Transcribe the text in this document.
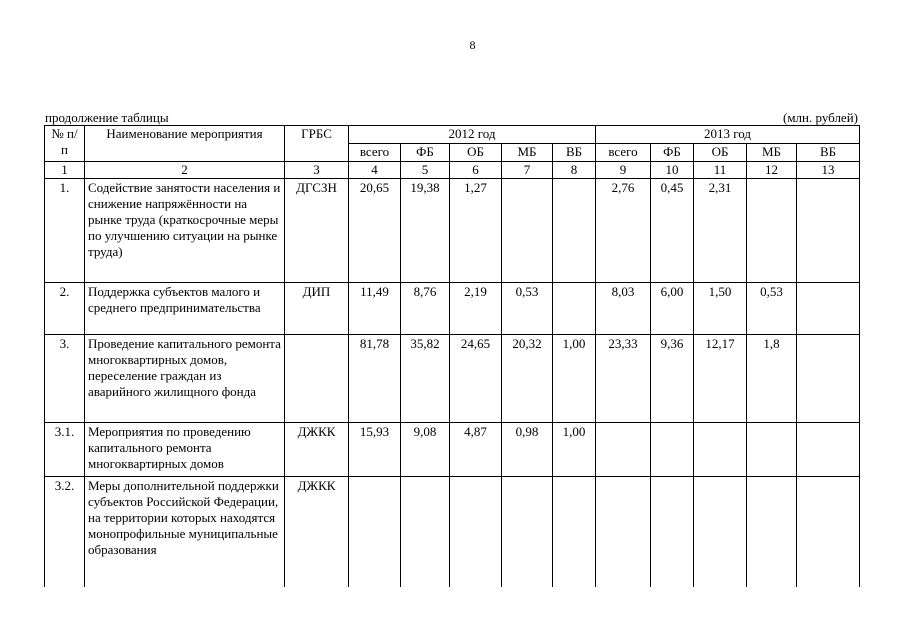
8
продолжение таблицы	(млн. рублей)
№ п/п	Наименование мероприятия	ГРБС	2012 год					2013 год				
			всего	ФБ	ОБ	МБ	ВБ	всего	ФБ	ОБ	МБ	ВБ
1	2	3	4	5	6	7	8	9	10	11	12	13
1.	Содействие занятости населения и снижение напряжённости на рынке труда (краткосрочные меры по улучшению ситуации на рынке труда)	ДГСЗН	20,65	19,38	1,27			2,76	0,45	2,31		
2.	Поддержка субъектов малого и среднего предпринимательства	ДИП	11,49	8,76	2,19	0,53		8,03	6,00	1,50	0,53	
3.	Проведение капитального ремонта многоквартирных домов, переселение граждан из аварийного жилищного фонда		81,78	35,82	24,65	20,32	1,00	23,33	9,36	12,17	1,8	
3.1.	Мероприятия по проведению капитального ремонта многоквартирных домов	ДЖКК	15,93	9,08	4,87	0,98	1,00					
3.2.	Меры дополнительной поддержки субъектов Российской Федерации, на территории которых находятся монопрофильные муниципальные образования	ДЖКК										
